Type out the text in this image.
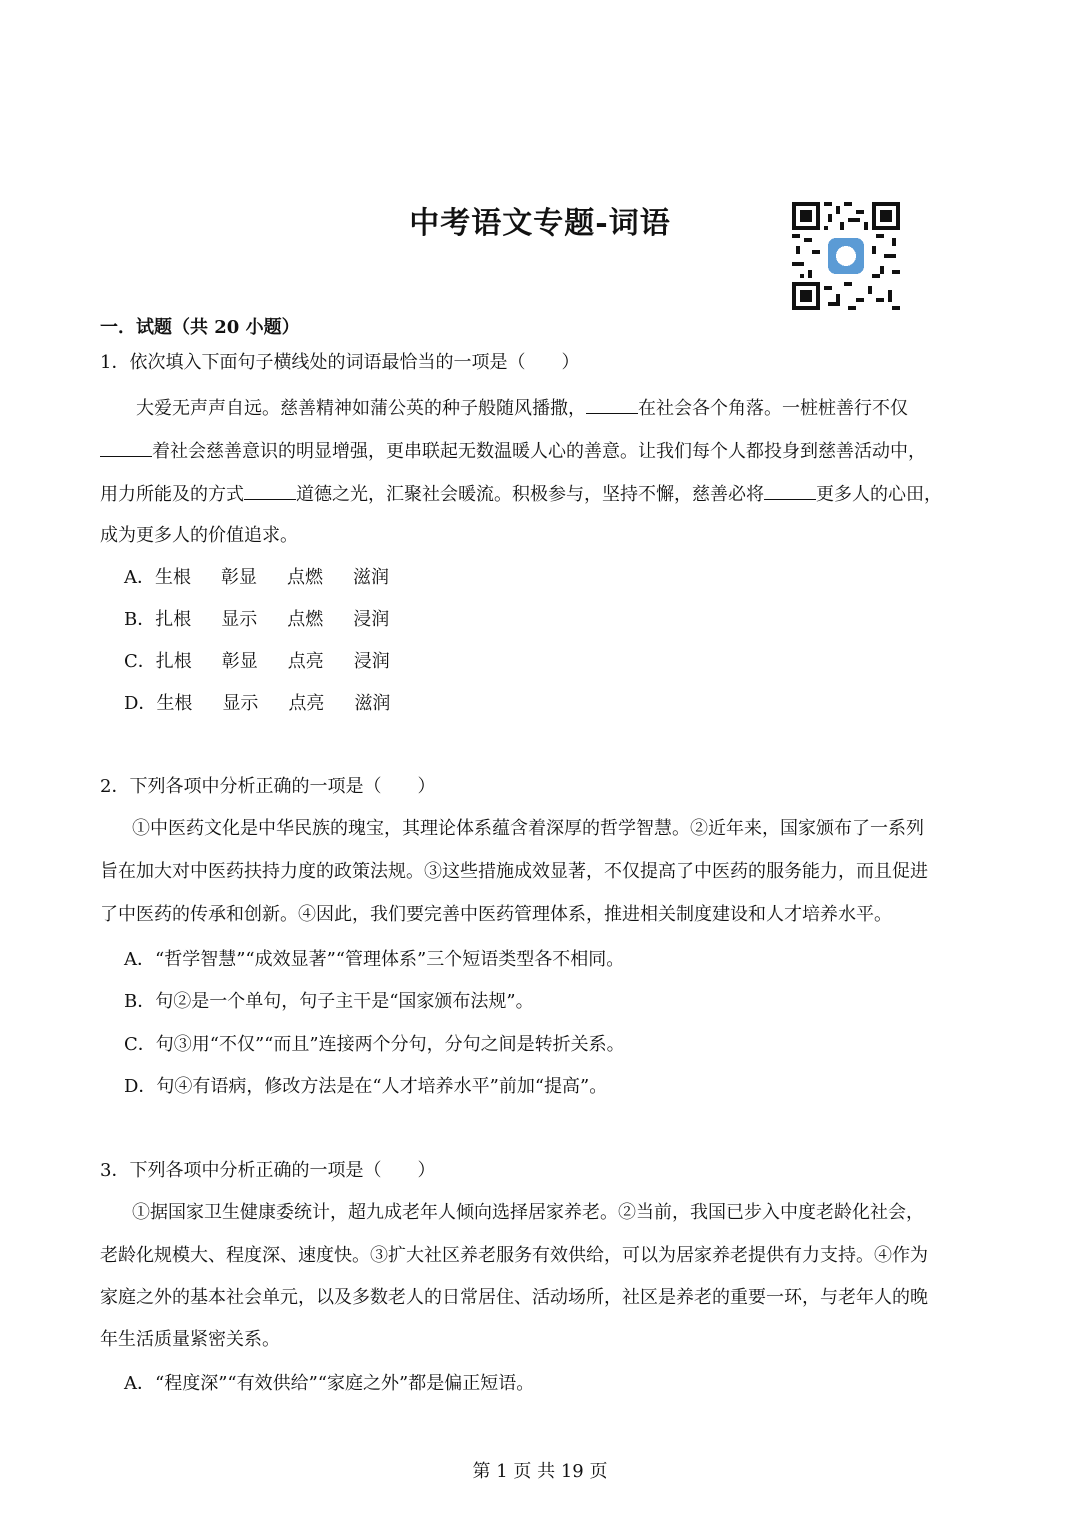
中考语文专题-词语
一．试题（共 20 小题）
1．依次填入下面句子横线处的词语最恰当的一项是（　　）
大爱无声声自远。慈善精神如蒲公英的种子般随风播撒，	在社会各个角落。一桩桩善行不仅
着社会慈善意识的明显增强，更串联起无数温暖人心的善意。让我们每个人都投身到慈善活动中，
用力所能及的方式	道德之光，汇聚社会暖流。积极参与，坚持不懈，慈善必将	更多人的心田，
成为更多人的价值追求。
A．生根 彰显 点燃 滋润
B．扎根 显示 点燃 浸润
C．扎根 彰显 点亮 浸润
D．生根 显示 点亮 滋润
2．下列各项中分析正确的一项是（　　）
①中医药文化是中华民族的瑰宝，其理论体系蕴含着深厚的哲学智慧。②近年来，国家颁布了一系列
旨在加大对中医药扶持力度的政策法规。③这些措施成效显著，不仅提高了中医药的服务能力，而且促进
了中医药的传承和创新。④因此，我们要完善中医药管理体系，推进相关制度建设和人才培养水平。
A．“哲学智慧”“成效显著”“管理体系”三个短语类型各不相同。
B．句②是一个单句，句子主干是“国家颁布法规”。
C．句③用“不仅”“而且”连接两个分句，分句之间是转折关系。
D．句④有语病，修改方法是在“人才培养水平”前加“提高”。
3．下列各项中分析正确的一项是（　　）
①据国家卫生健康委统计，超九成老年人倾向选择居家养老。②当前，我国已步入中度老龄化社会，
老龄化规模大、程度深、速度快。③扩大社区养老服务有效供给，可以为居家养老提供有力支持。④作为
家庭之外的基本社会单元，以及多数老人的日常居住、活动场所，社区是养老的重要一环，与老年人的晚
年生活质量紧密关系。
A．“程度深”“有效供给”“家庭之外”都是偏正短语。
第 1 页 共 19 页
